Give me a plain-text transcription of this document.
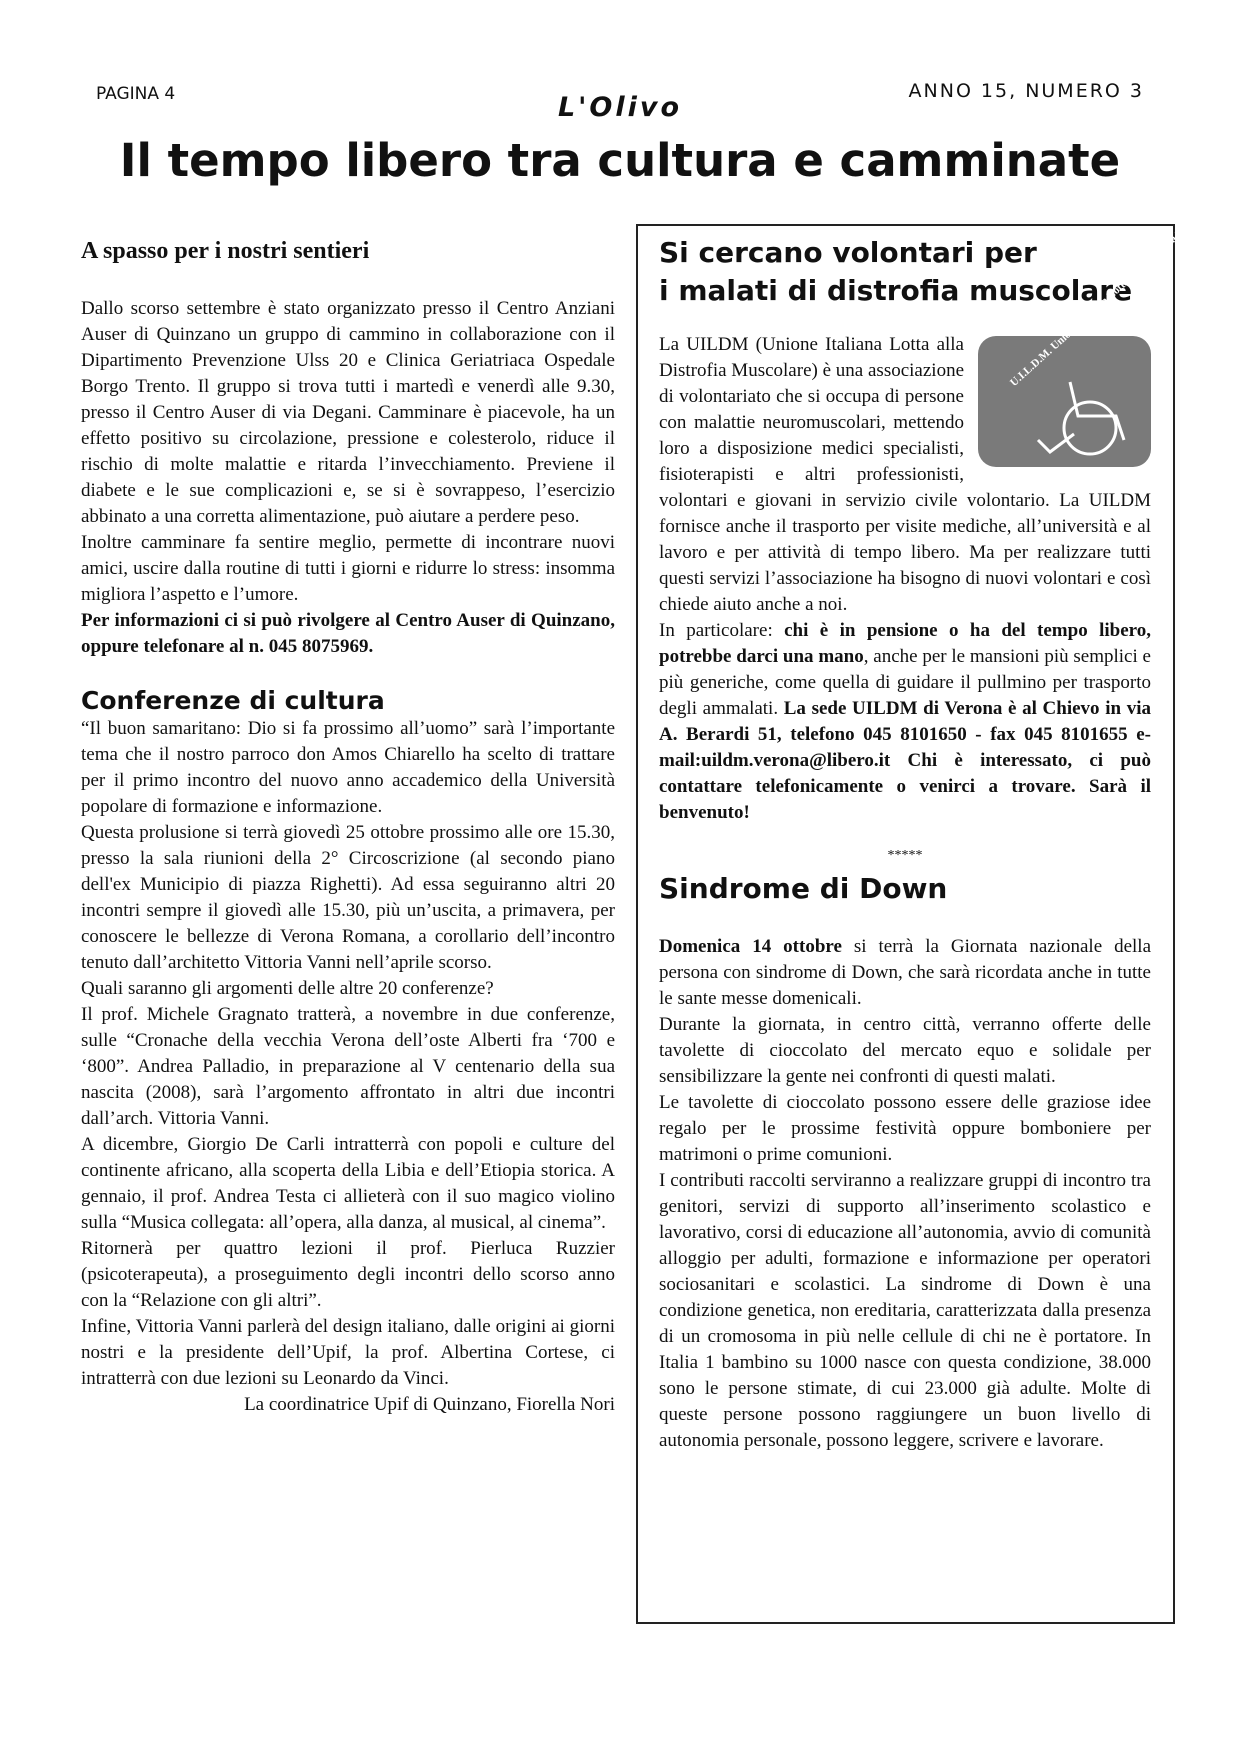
PAGINA 4	L'Olivo
ANNO 15, NUMERO 3
Il tempo libero tra cultura e camminate
A spasso per i nostri sentieri

Dallo scorso settembre è stato organizzato presso il Centro Anziani Auser di Quinzano un gruppo di cammino in collaborazione con il Dipartimento Prevenzione Ulss 20 e Clinica Geriatriaca Ospedale Borgo Trento. Il gruppo si trova tutti i martedì e venerdì alle 9.30, presso il Centro Auser di via Degani. Camminare è piacevole, ha un effetto positivo su circolazione, pressione e colesterolo, riduce il rischio di molte malattie e ritarda l’invecchiamento. Previene il diabete e le sue complicazioni e, se si è sovrappeso, l’esercizio abbinato a una corretta alimentazione, può aiutare a perdere peso.

Inoltre camminare fa sentire meglio, permette di incontrare nuovi amici, uscire dalla routine di tutti i giorni e ridurre lo stress: insomma migliora l’aspetto e l’umore.

Per informazioni ci si può rivolgere al Centro Auser di Quinzano, oppure telefonare al n. 045 8075969.

Conferenze di cultura

“Il buon samaritano: Dio si fa prossimo all’uomo” sarà l’importante tema che il nostro parroco don Amos Chiarello ha scelto di trattare per il primo incontro del nuovo anno accademico della Università popolare di formazione e informazione.

Questa prolusione si terrà giovedì 25 ottobre prossimo alle ore 15.30, presso la sala riunioni della 2° Circoscrizione (al secondo piano dell'ex Municipio di piazza Righetti). Ad essa seguiranno altri 20 incontri sempre il giovedì alle 15.30, più un’uscita, a primavera, per conoscere le bellezze di Verona Romana, a corollario dell’incontro tenuto dall’architetto Vittoria Vanni nell’aprile scorso.

Quali saranno gli argomenti delle altre 20 conferenze?

Il prof. Michele Gragnato tratterà, a novembre in due conferenze, sulle “Cronache della vecchia Verona dell’oste Alberti fra ‘700 e ‘800”. Andrea Palladio, in preparazione al V centenario della sua nascita (2008), sarà l’argomento affrontato in altri due incontri dall’arch. Vittoria Vanni.

A dicembre, Giorgio De Carli intratterrà con popoli e culture del continente africano, alla scoperta della Libia e dell’Etiopia storica. A gennaio, il prof. Andrea Testa ci allieterà con il suo magico violino sulla “Musica collegata: all’opera, alla danza, al musical, al cinema”.

Ritornerà per quattro lezioni il prof. Pierluca Ruzzier (psicoterapeuta), a proseguimento degli incontri dello scorso anno con la “Relazione con gli altri”.

Infine, Vittoria Vanni parlerà del design italiano, dalle origini ai giorni nostri e la presidente dell’Upif, la prof. Albertina Cortese, ci intratterrà con due lezioni su Leonardo da Vinci.

La coordinatrice Upif di Quinzano, Fiorella Nori

Si cercano volontari per
i malati di distrofia muscolare
U.I.L.D.M. Unione Italiana Lotta alla Distrofia Muscolare

La UILDM (Unione Italiana Lotta alla Distrofia Muscolare) è una associazione di volontariato che si occupa di persone con malattie neuromuscolari, mettendo loro a disposizione medici specialisti, fisioterapisti e altri professionisti, volontari e giovani in servizio civile volontario. La UILDM fornisce anche il trasporto per visite mediche, all’università e al lavoro e per attività di tempo libero. Ma per realizzare tutti questi servizi l’associazione ha bisogno di nuovi volontari e così chiede aiuto anche a noi.

In particolare: chi è in pensione o ha del tempo libero, potrebbe darci una mano, anche per le mansioni più semplici e più generiche, come quella di guidare il pullmino per trasporto degli ammalati. La sede UILDM di Verona è al Chievo in via A. Berardi 51, telefono 045 8101650 - fax 045 8101655 e-mail:uildm.verona@libero.it Chi è interessato, ci può contattare telefonicamente o venirci a trovare. Sarà il benvenuto!

*****
Sindrome di Down

Domenica 14 ottobre si terrà la Giornata nazionale della persona con sindrome di Down, che sarà ricordata anche in tutte le sante messe domenicali.

Durante la giornata, in centro città, verranno offerte delle tavolette di cioccolato del mercato equo e solidale per sensibilizzare la gente nei confronti di questi malati.

Le tavolette di cioccolato possono essere delle graziose idee regalo per le prossime festività oppure bomboniere per matrimoni o prime comunioni.

I contributi raccolti serviranno a realizzare gruppi di incontro tra genitori, servizi di supporto all’inserimento scolastico e lavorativo, corsi di educazione all’autonomia, avvio di comunità alloggio per adulti, formazione e informazione per operatori sociosanitari e scolastici. La sindrome di Down è una condizione genetica, non ereditaria, caratterizzata dalla presenza di un cromosoma in più nelle cellule di chi ne è portatore. In Italia 1 bambino su 1000 nasce con questa condizione, 38.000 sono le persone stimate, di cui 23.000 già adulte. Molte di queste persone possono raggiungere un buon livello di autonomia personale, possono leggere, scrivere e lavorare.
